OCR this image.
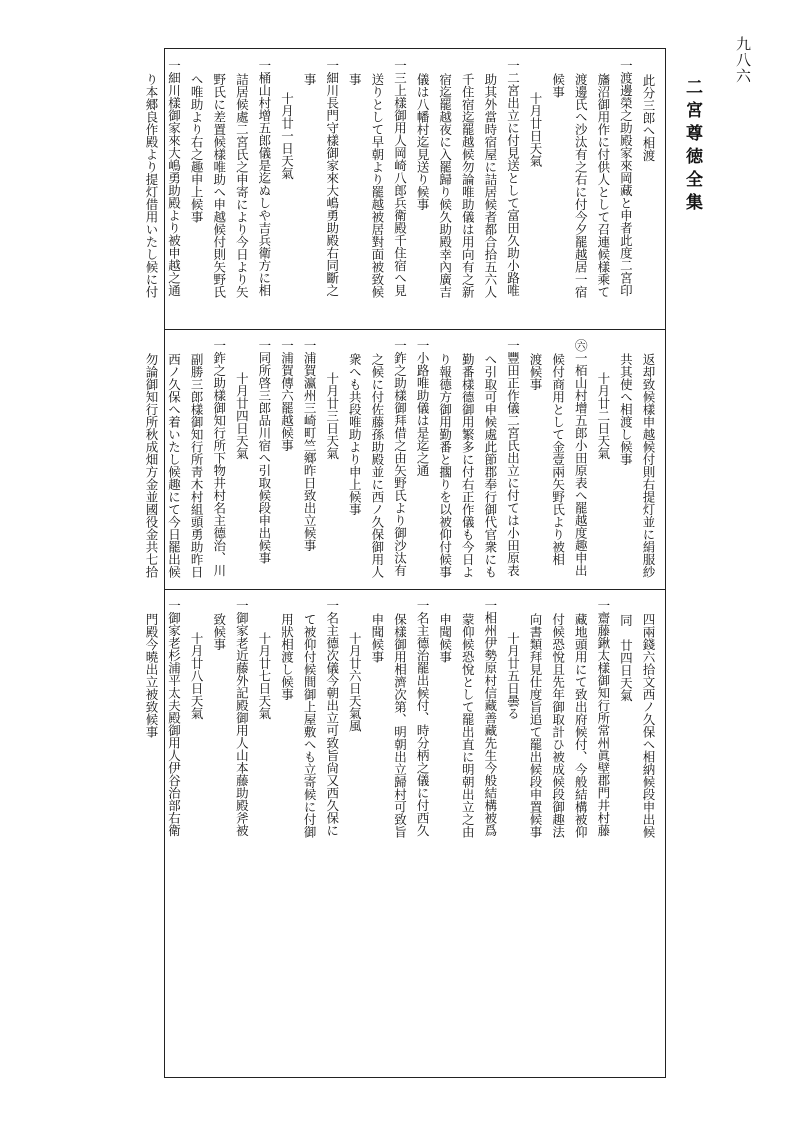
二宮尊徳全集
九八六
此分三郎へ相渡
一渡邊榮之助殿家來岡藏と申者此度二宮印
旛沼御用作に付供人として召連候樣乘て
渡邊氏へ沙汰有之右に付今夕罷越居一宿
候事
十月廿日天氣
一二宮出立に付見送として富田久助小路唯
助其外當時宿屋に詰居候者都合拾五六人
千住宿迄罷越候勿論唯助儀は用向有之新
宿迄罷越夜に入罷歸り候久助殿幸內廣吉
儀は八幡村迄見送り候事
一三上樣御用人岡崎八郎兵衛殿千住宿へ見
送りとして早朝より罷越被居對面被致候
事
一細川長門守樣御家來大嶋勇助殿右同斷之
事
十月廿一日天氣
一桶山村增五郎儀是迄ぬしや吉兵衛方に相
詰居候處二宮氏之申寄により今日より矢
野氏に差置候樣唯助へ申越候付則矢野氏
へ唯助より右之趣申上候事
一細川樣御家來大嶋勇助殿より被申越之通
り本郷良作殿より提灯借用いたし候に付
返却致候樣申越候付則右提灯並に絹服紗
共其使へ相渡し候事
十月廿二日天氣
㊅一栢山村增五郎小田原表へ罷越度趣申出
候付商用として金壹兩矢野氏より被相
渡候事
一豐田正作儀二宮氏出立に付ては小田原表
へ引取可申候處此節郡奉行御代官衆にも
勤番樣德御用繁多に付右正作儀も今日よ
り報德方御用勤番と擱りを以被仰付候事
一小路唯助儀は是迄之通
一鈼之助樣御拜借之由矢野氏より御沙汰有
之候に付佐藤孫助殿並に西ノ久保御用人
衆へも共段唯助より申上候事
十月廿三日天氣
一浦賀瀛州三崎町竺鄉昨日致出立候事
一浦賀傳六罷越候事
一同所啓三郎品川宿へ引取候段申出候事
十月廿四日天氣
一鈼之助樣御知行所下物井村名主德治、川
副勝三郎樣御知行所靑木村組頭勇助昨日
西ノ久保へ着いたし候趣にて今日罷出候
勿論御知行所秋成畑方金並國役金共七拾
四兩錢六拾文西ノ久保へ相納候段申出候
同　廿四日天氣
一齋藤鍬太樣御知行所常州眞壁郡門井村藤
藏地頭用にて致出府候付、今般結構被仰
付候恐悅且先年御取計ひ被成候段御趣法
向書類拜見仕度旨追て罷出候段申置候事
十月廿五日曇る
一相州伊勢原村信藏善藏先生今般結構被爲
蒙仰候恐悅として罷出直に明朝出立之由
申聞候事
一名主德治罷出候付、時分柄之儀に付西久
保樣御用相濟次第、明朝出立歸村可致旨
申聞候事
十月廿六日天氣風
一名主德次儀今朝出立可致旨尙又西久保に
て被仰付候間御上屋敷へも立寄候に付御
用狀相渡し候事
十月廿七日天氣
一御家老近藤外記殿御用人山本藤助殿斧被
致候事
十月廿八日天氣
一御家老杉浦平太夫殿御用人伊谷治部右衛
門殿今曉出立被致候事
